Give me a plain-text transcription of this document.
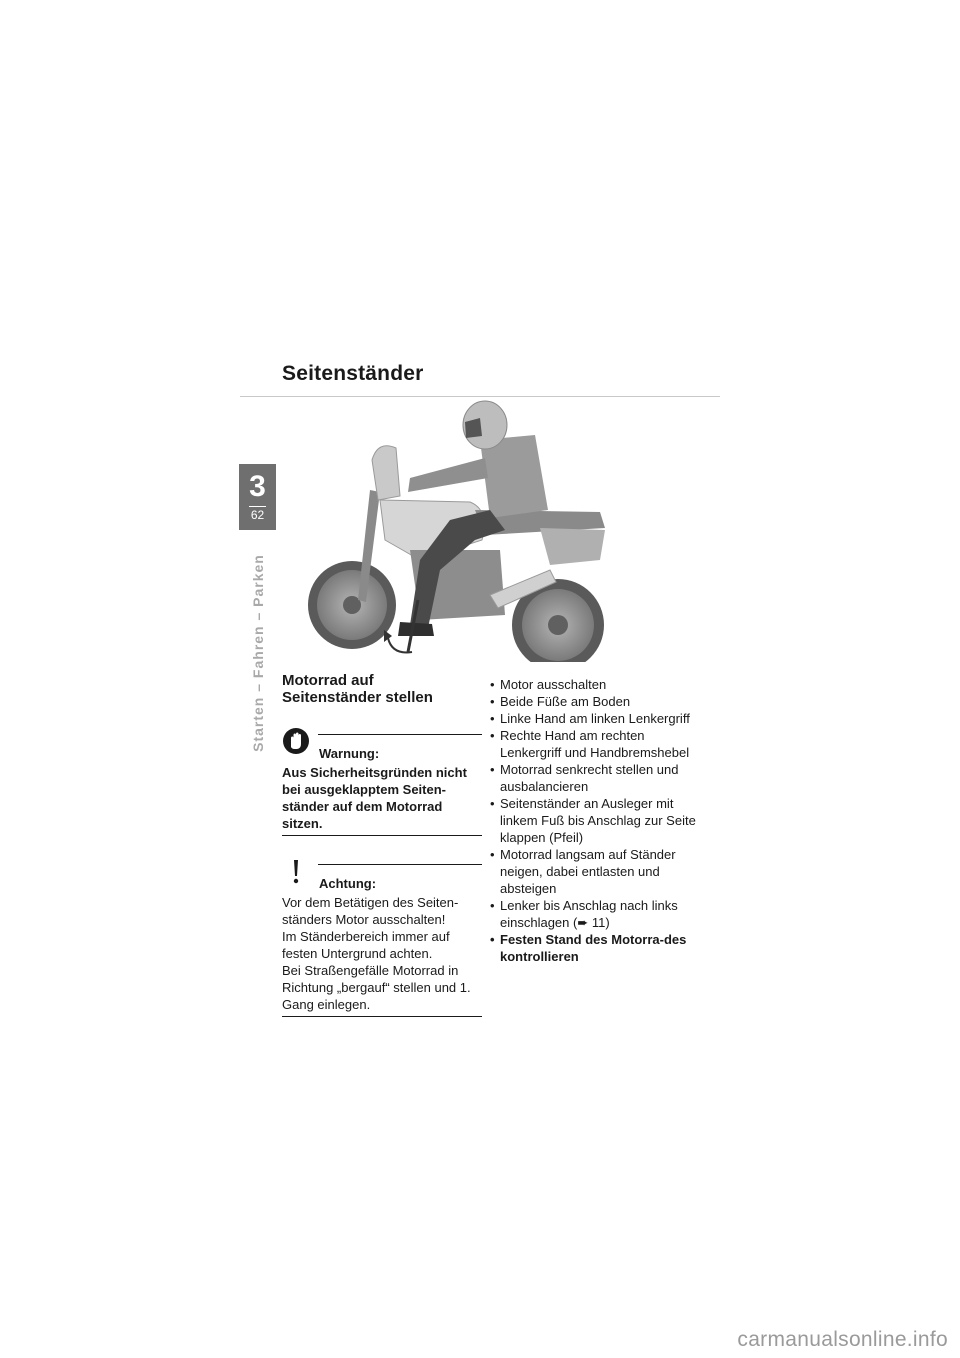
Seitenständer
3
62
Starten – Fahren – Parken Motorrad auf
Seitenständer stellen

Warnung:
Aus Sicherheitsgründen nicht bei ausgeklapptem Seiten-ständer auf dem Motorrad sitzen.
Achtung:
Vor dem Betätigen des Seiten-ständers Motor ausschalten!
Im Ständerbereich immer auf festen Untergrund achten.
Bei Straßengefälle Motorrad in Richtung „bergauf“ stellen und 1. Gang einlegen.
• Motor ausschalten
• Beide Füße am Boden
• Linke Hand am linken Lenkergriff
• Rechte Hand am rechten Lenkergriff und Handbremshebel
• Motorrad senkrecht stellen und ausbalancieren
• Seitenständer an Ausleger mit linkem Fuß bis Anschlag zur Seite klappen (Pfeil)
• Motorrad langsam auf Ständer neigen, dabei entlasten und absteigen
• Lenker bis Anschlag nach links einschlagen (➨ 11)
• Festen Stand des Motorra-des kontrollieren
carmanualsonline.info
